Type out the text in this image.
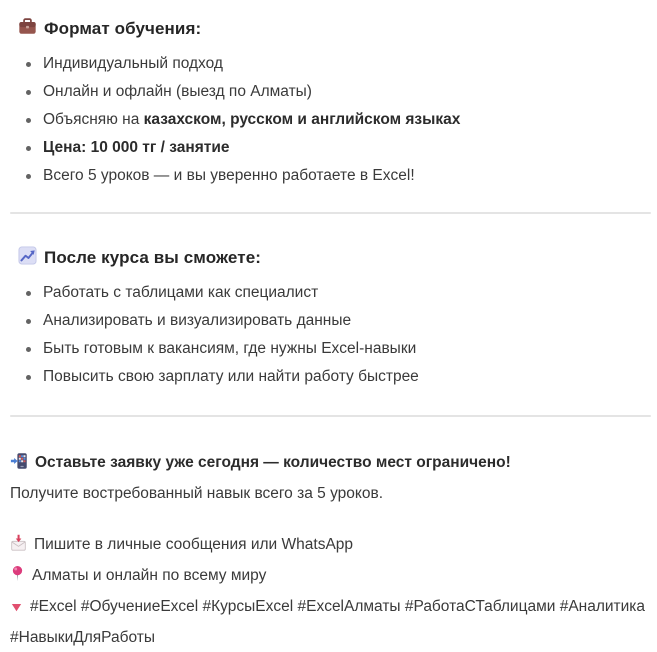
Формат обучения:
Индивидуальный подход
Онлайн и офлайн (выезд по Алматы)
Объясняю на казахском, русском и английском языках
Цена: 10 000 тг / занятие
Всего 5 уроков — и вы уверенно работаете в Excel!
После курса вы сможете:
Работать с таблицами как специалист
Анализировать и визуализировать данные
Быть готовым к вакансиям, где нужны Excel-навыки
Повысить свою зарплату или найти работу быстрее
Оставьте заявку уже сегодня — количество мест ограничено!
Получите востребованный навык всего за 5 уроков.
Пишите в личные сообщения или WhatsApp
Алматы и онлайн по всему миру
#Excel #ОбучениеExcel #КурсыExcel #ExcelАлматы #РаботаСТаблицами #Аналитика #НавыкиДляРаботы
